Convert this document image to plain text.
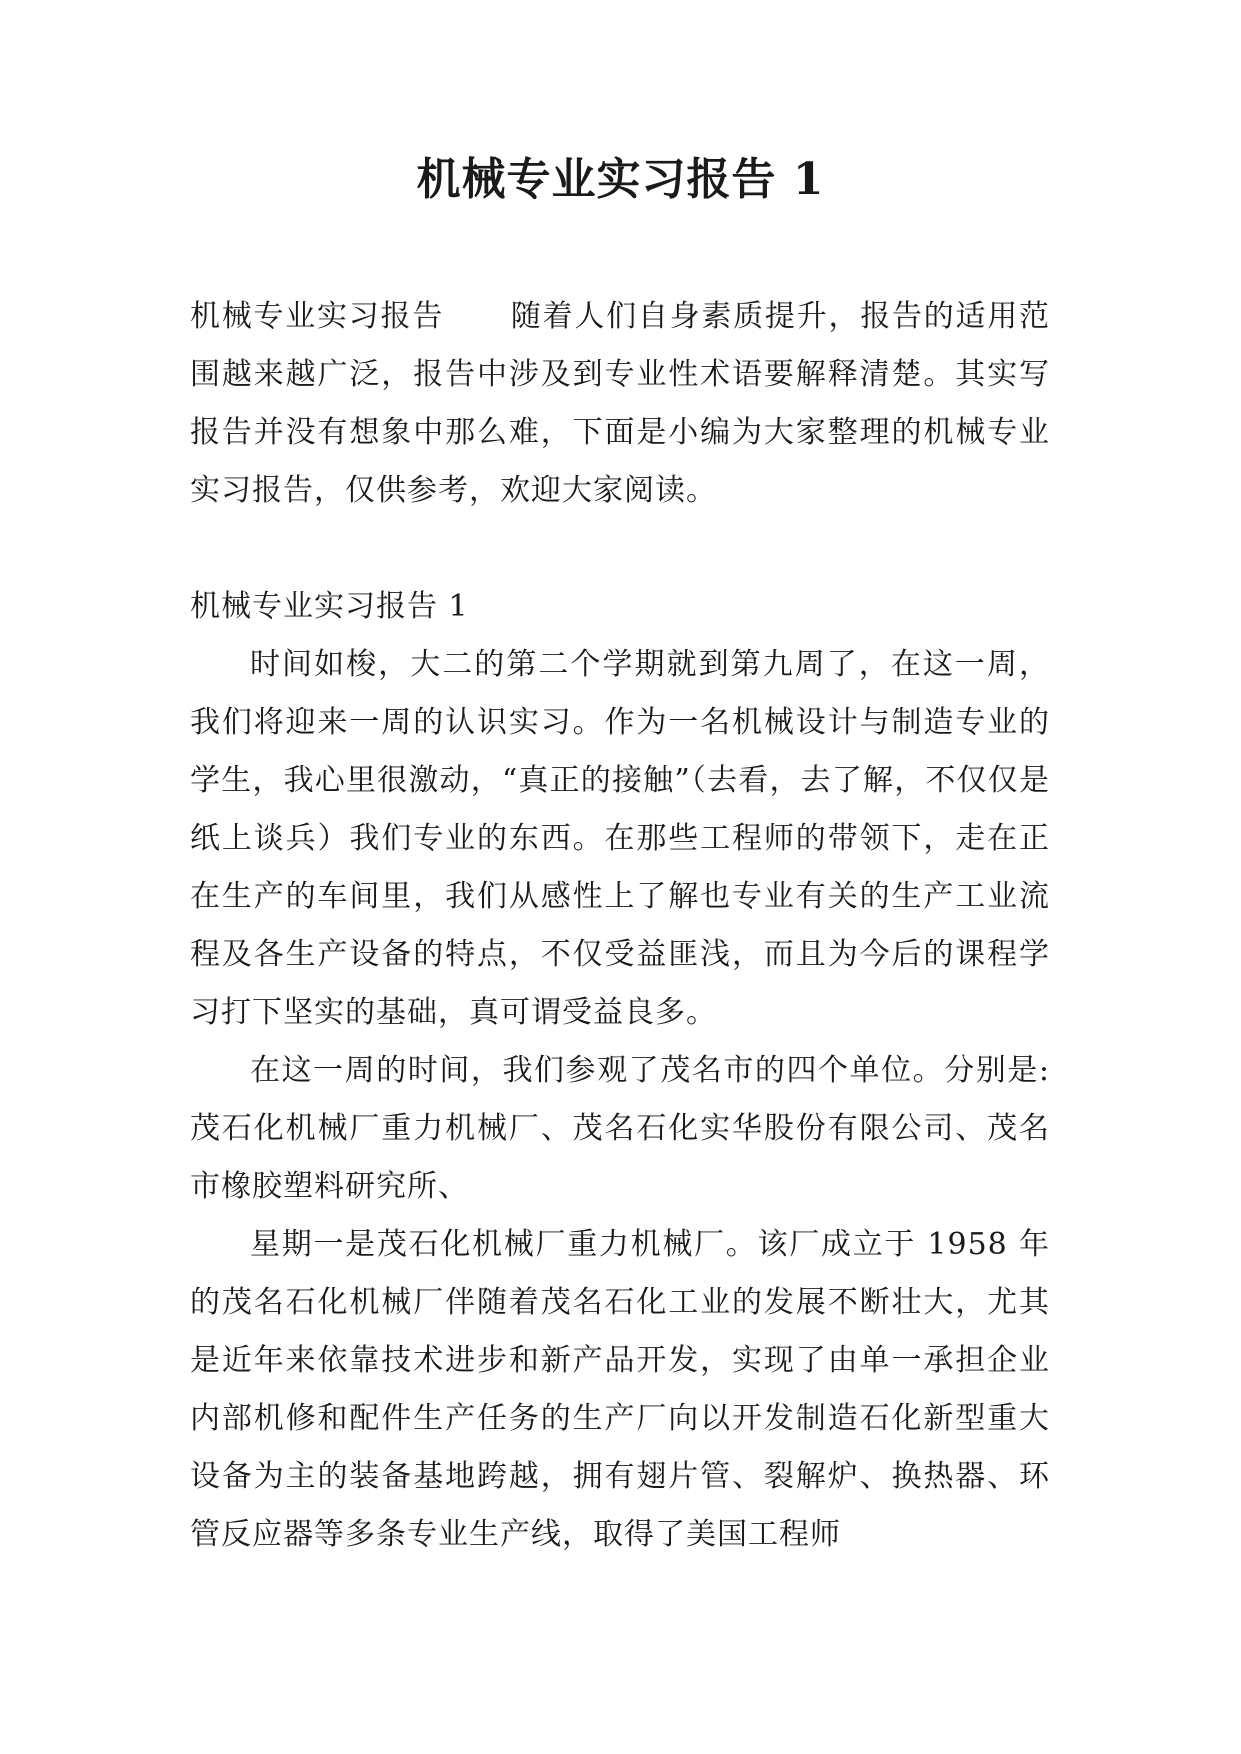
机械专业实习报告 1

机械专业实习报告 随着人们自身素质提升，报告的适用范围越来越广泛，报告中涉及到专业性术语要解释清楚。其实写报告并没有想象中那么难，下面是小编为大家整理的机械专业实习报告，仅供参考，欢迎大家阅读。

机械专业实习报告 1

时间如梭，大二的第二个学期就到第九周了，在这一周，我们将迎来一周的认识实习。作为一名机械设计与制造专业的学生，我心里很激动，“真正的接触”（去看，去了解，不仅仅是纸上谈兵）我们专业的东西。在那些工程师的带领下，走在正在生产的车间里，我们从感性上了解也专业有关的生产工业流程及各生产设备的特点，不仅受益匪浅，而且为今后的课程学习打下坚实的基础，真可谓受益良多。

在这一周的时间，我们参观了茂名市的四个单位。分别是: 茂石化机械厂重力机械厂、茂名石化实华股份有限公司、茂名市橡胶塑料研究所、

星期一是茂石化机械厂重力机械厂。该厂成立于 1958 年的茂名石化机械厂伴随着茂名石化工业的发展不断壮大，尤其是近年来依靠技术进步和新产品开发，实现了由单一承担企业内部机修和配件生产任务的生产厂向以开发制造石化新型重大设备为主的装备基地跨越，拥有翅片管、裂解炉、换热器、环管反应器等多条专业生产线，取得了美国工程师
